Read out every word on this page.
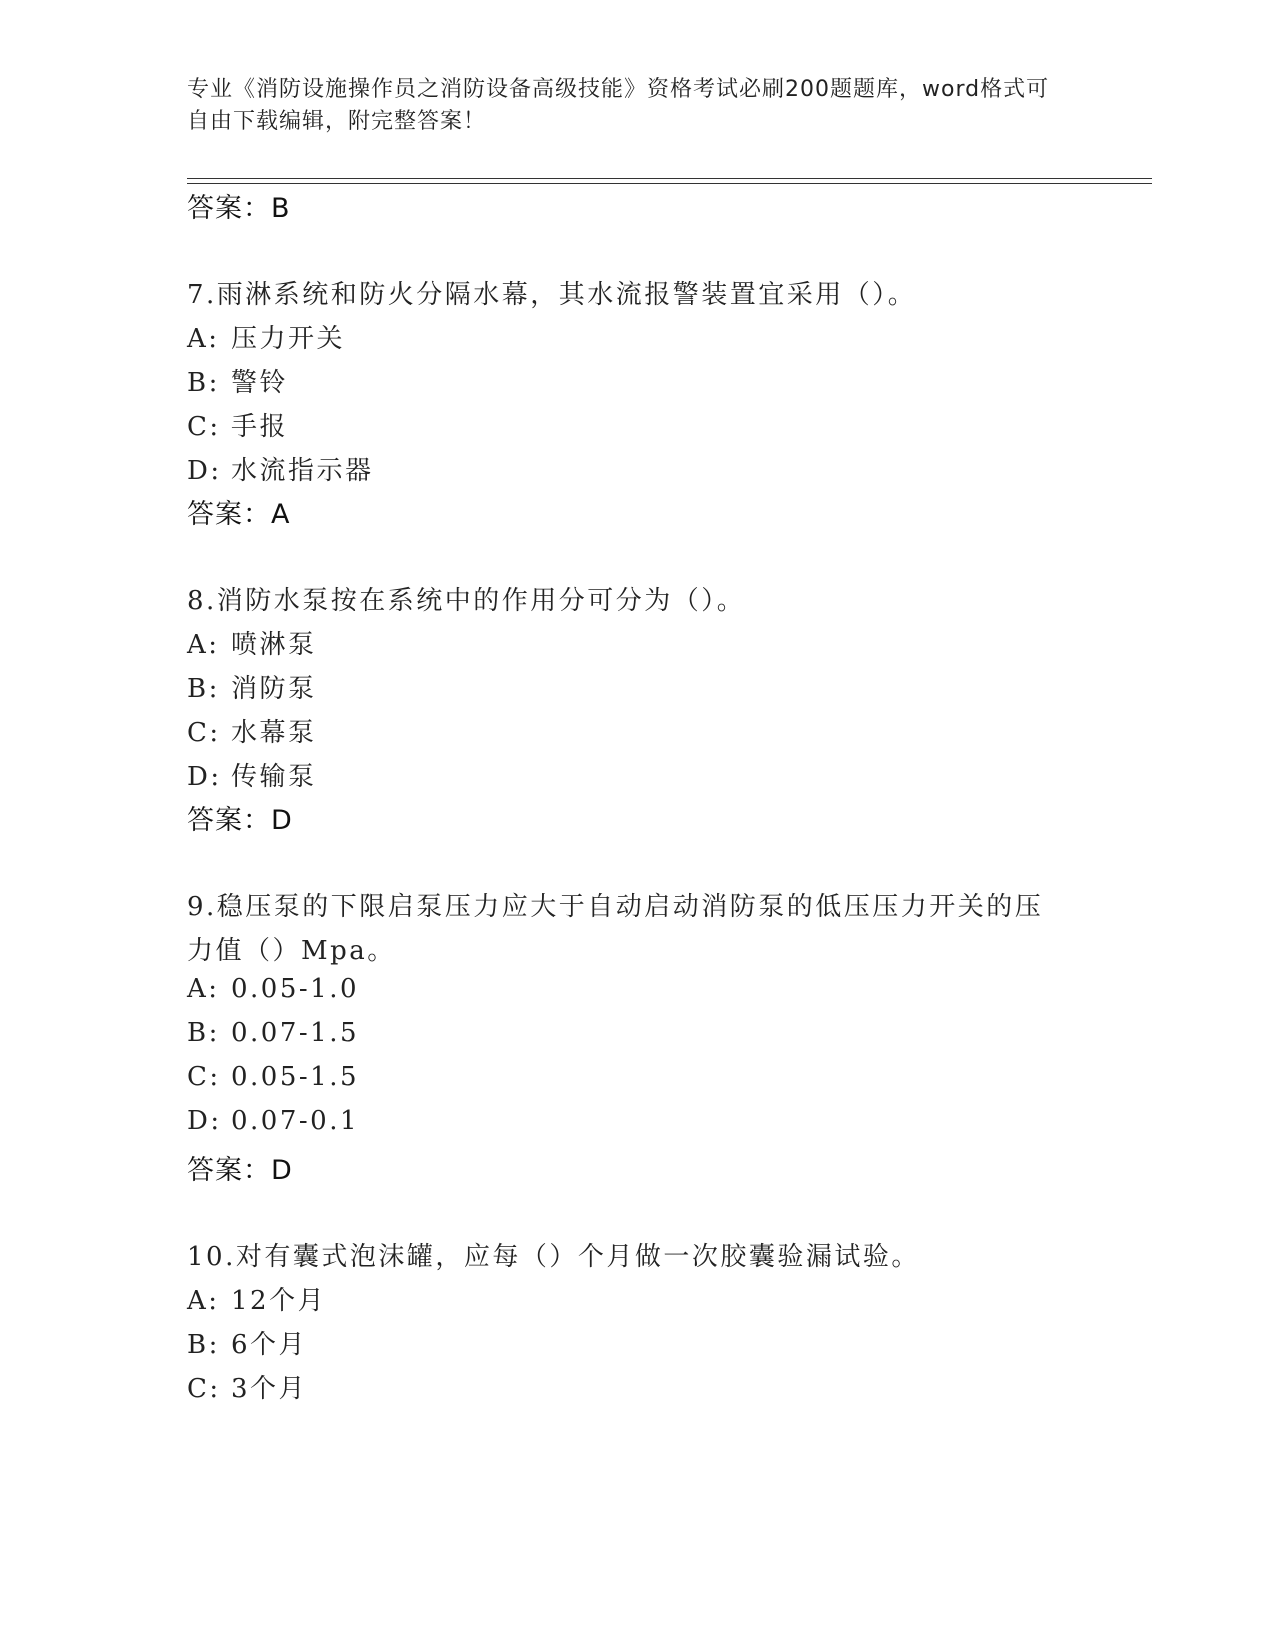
专业《消防设施操作员之消防设备高级技能》资格考试必刷200题题库，word格式可自由下载编辑，附完整答案！
答案：B
7.雨淋系统和防火分隔水幕，其水流报警装置宜采用（）。
A: 压力开关
B: 警铃
C: 手报
D: 水流指示器
答案：A
8.消防水泵按在系统中的作用分可分为（）。
A: 喷淋泵
B: 消防泵
C: 水幕泵
D: 传输泵
答案：D
9.稳压泵的下限启泵压力应大于自动启动消防泵的低压压力开关的压
力值（）Mpa。
A: 0.05-1.0
B: 0.07-1.5
C: 0.05-1.5
D: 0.07-0.1
答案：D
10.对有囊式泡沫罐，应每（）个月做一次胶囊验漏试验。
A: 12个月
B: 6个月
C: 3个月
